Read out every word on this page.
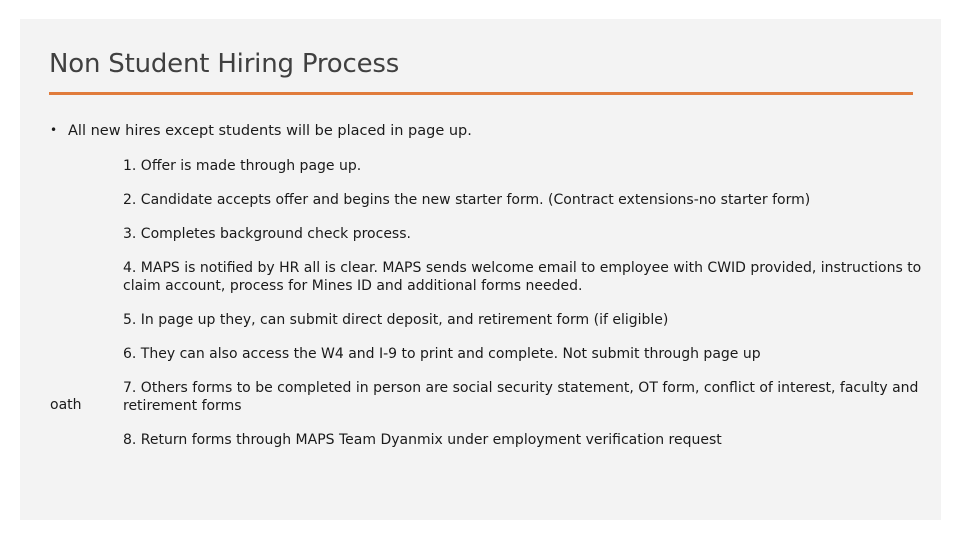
Non Student Hiring Process
• All new hires except students will be placed in page up.
1. Offer is made through page up.
2. Candidate accepts offer and begins the new starter form. (Contract extensions-no starter form)
3. Completes background check process.
4. MAPS is notified by HR all is clear. MAPS sends welcome email to employee with CWID provided, instructions to claim account, process for Mines ID and additional forms needed.
5. In page up they, can submit direct deposit, and retirement form (if eligible)
6. They can also access the W4 and I-9 to print and complete. Not submit through page up
7. Others forms to be completed in person are social security statement, OT form, conflict of interest, faculty and retirement forms
8. Return forms through MAPS Team Dyanmix under employment verification request
oath
